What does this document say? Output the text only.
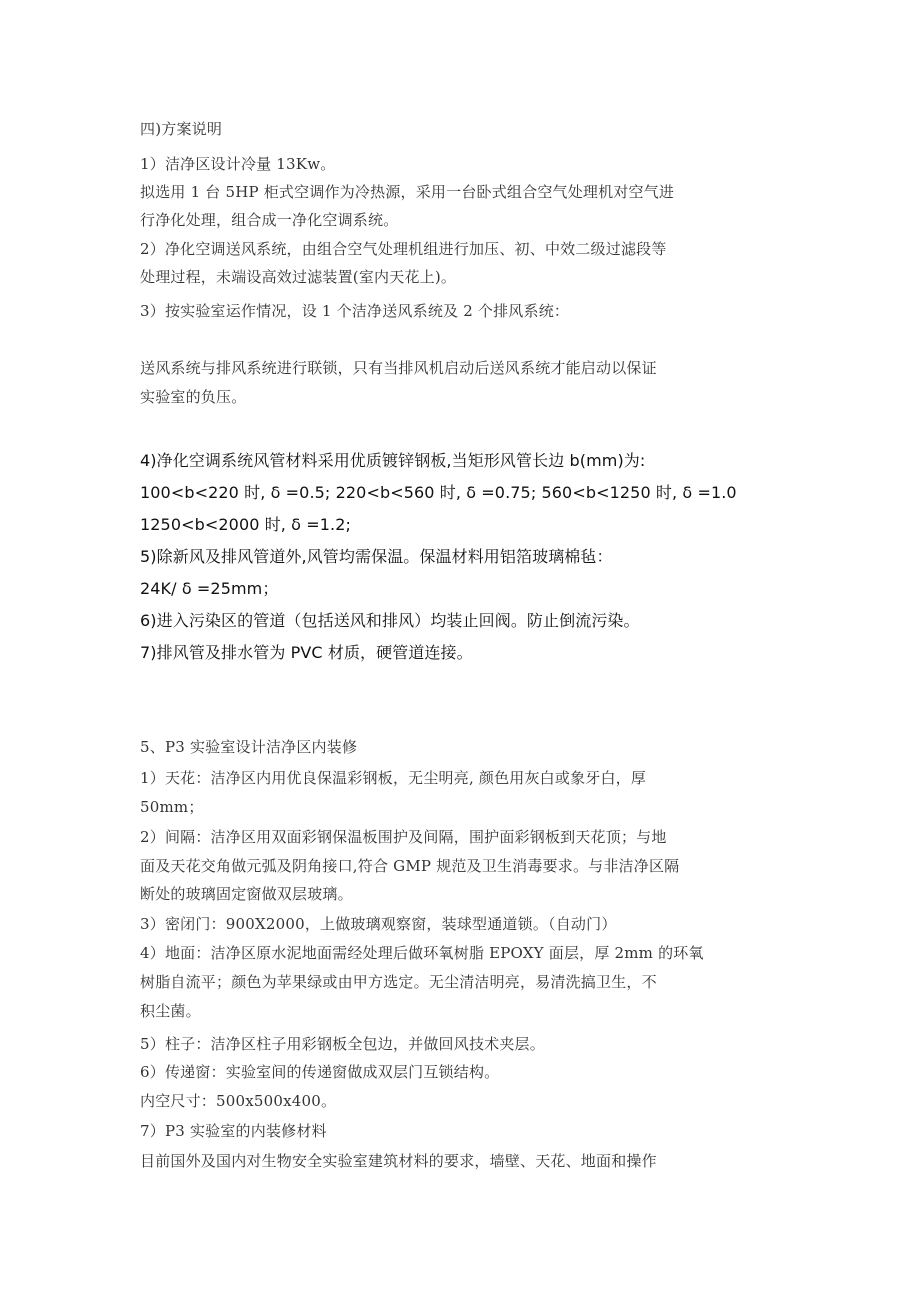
四)方案说明
1）洁净区设计冷量 13Kw。
拟选用 1 台 5HP 柜式空调作为冷热源，采用一台卧式组合空气处理机对空气进
行净化处理，组合成一净化空调系统。
2）净化空调送风系统，由组合空气处理机组进行加压、初、中效二级过滤段等
处理过程，未端设高效过滤装置(室内天花上)。
3）按实验室运作情况，设 1 个洁净送风系统及 2 个排风系统：
送风系统与排风系统进行联锁，只有当排风机启动后送风系统才能启动以保证
实验室的负压。
4)净化空调系统风管材料采用优质镀锌钢板,当矩形风管长边 b(mm)为:
100<b<220 时, δ =0.5; 220<b<560 时, δ =0.75; 560<b<1250 时, δ =1.0
1250<b<2000 时, δ =1.2;
5)除新风及排风管道外,风管均需保温。保温材料用铝箔玻璃棉毡：
24K/ δ =25mm；
6)进入污染区的管道（包括送风和排风）均装止回阀。防止倒流污染。
7)排风管及排水管为 PVC 材质，硬管道连接。
5、P3 实验室设计洁净区内装修
1）天花：洁净区内用优良保温彩钢板，无尘明亮, 颜色用灰白或象牙白，厚
50mm；
2）间隔：洁净区用双面彩钢保温板围护及间隔，围护面彩钢板到天花顶；与地
面及天花交角做元弧及阴角接口,符合 GMP 规范及卫生消毒要求。与非洁净区隔
断处的玻璃固定窗做双层玻璃。
3）密闭门：900X2000，上做玻璃观察窗，装球型通道锁。（自动门）
4）地面：洁净区原水泥地面需经处理后做环氧树脂 EPOXY 面层，厚 2mm 的环氧
树脂自流平；颜色为苹果绿或由甲方选定。无尘清洁明亮，易清洗搞卫生，不
积尘菌。
5）柱子：洁净区柱子用彩钢板全包边，并做回风技术夹层。
6）传递窗：实验室间的传递窗做成双层门互锁结构。
内空尺寸：500x500x400。
7）P3 实验室的内装修材料
目前国外及国内对生物安全实验室建筑材料的要求，墙壁、天花、地面和操作
